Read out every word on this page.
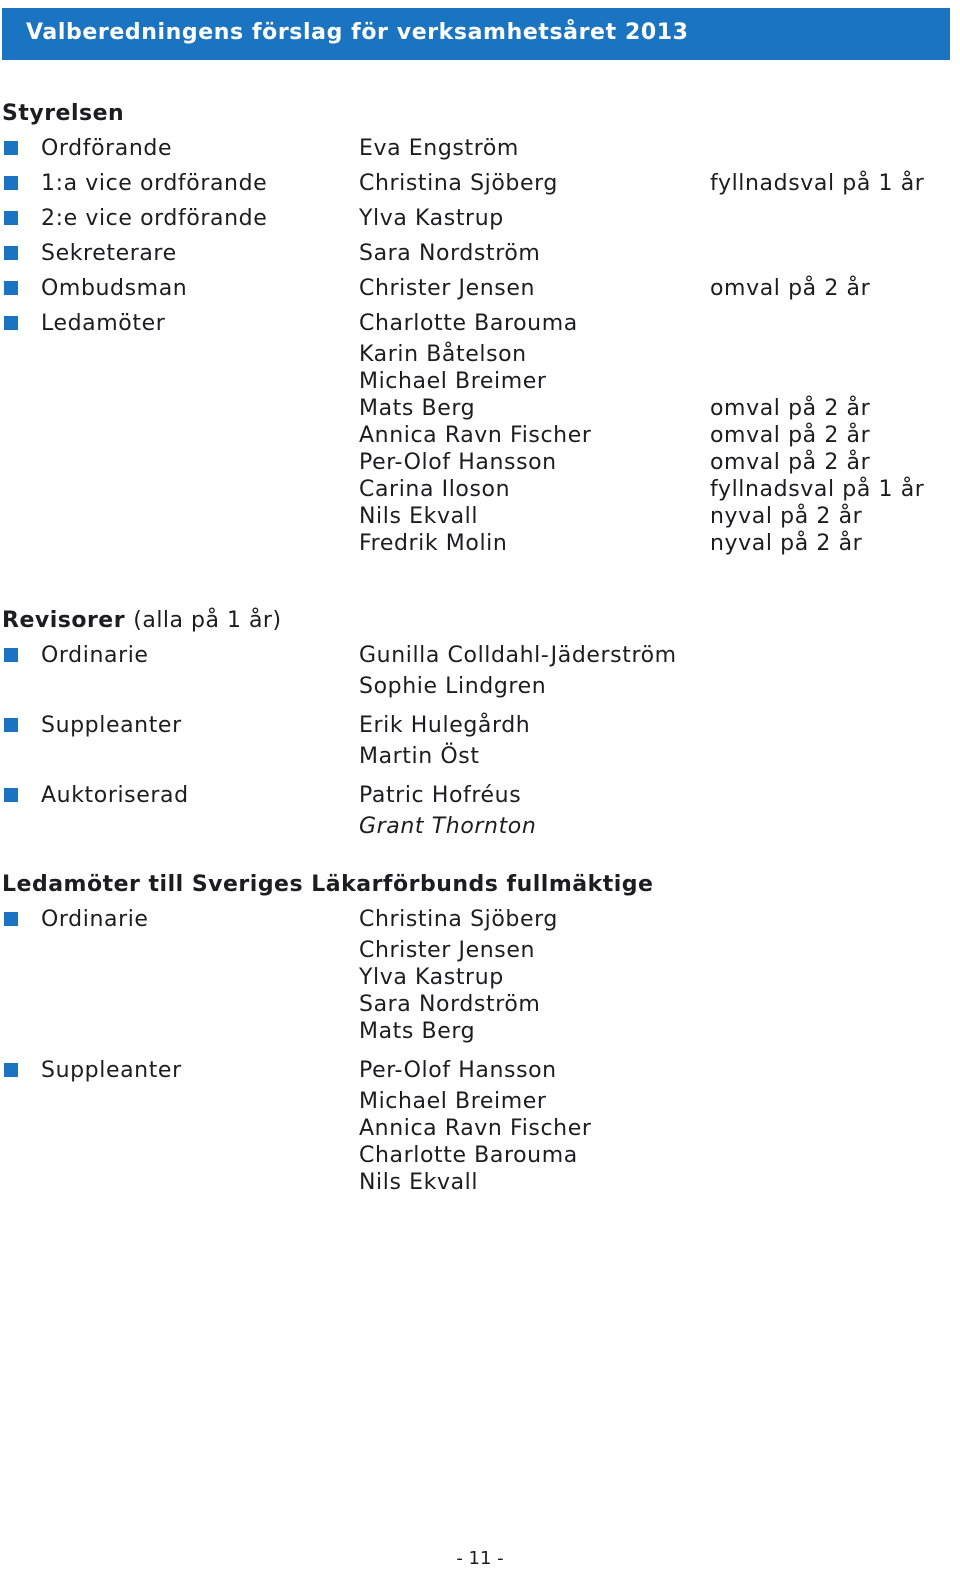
Valberedningens förslag för verksamhetsåret 2013
Styrelsen
Ordförande	Eva Engström
1:a vice ordförande	Christina Sjöberg	fyllnadsval på 1 år
2:e vice ordförande	Ylva Kastrup
Sekreterare	Sara Nordström
Ombudsman	Christer Jensen	omval på 2 år
Ledamöter	Charlotte Barouma
Karin Båtelson
Michael Breimer
Mats Berg	omval på 2 år
Annica Ravn Fischer	omval på 2 år
Per-Olof Hansson	omval på 2 år
Carina Iloson	fyllnadsval på 1 år
Nils Ekvall	nyval på 2 år
Fredrik Molin	nyval på 2 år
Revisorer (alla på 1 år)
Ordinarie	Gunilla Colldahl-Jäderström
Sophie Lindgren
Suppleanter	Erik Hulegårdh
Martin Öst
Auktoriserad	Patric Hofréus
Grant Thornton
Ledamöter till Sveriges Läkarförbunds fullmäktige
Ordinarie	Christina Sjöberg
Christer Jensen
Ylva Kastrup
Sara Nordström
Mats Berg
Suppleanter	Per-Olof Hansson
Michael Breimer
Annica Ravn Fischer
Charlotte Barouma
Nils Ekvall
- 11 -
